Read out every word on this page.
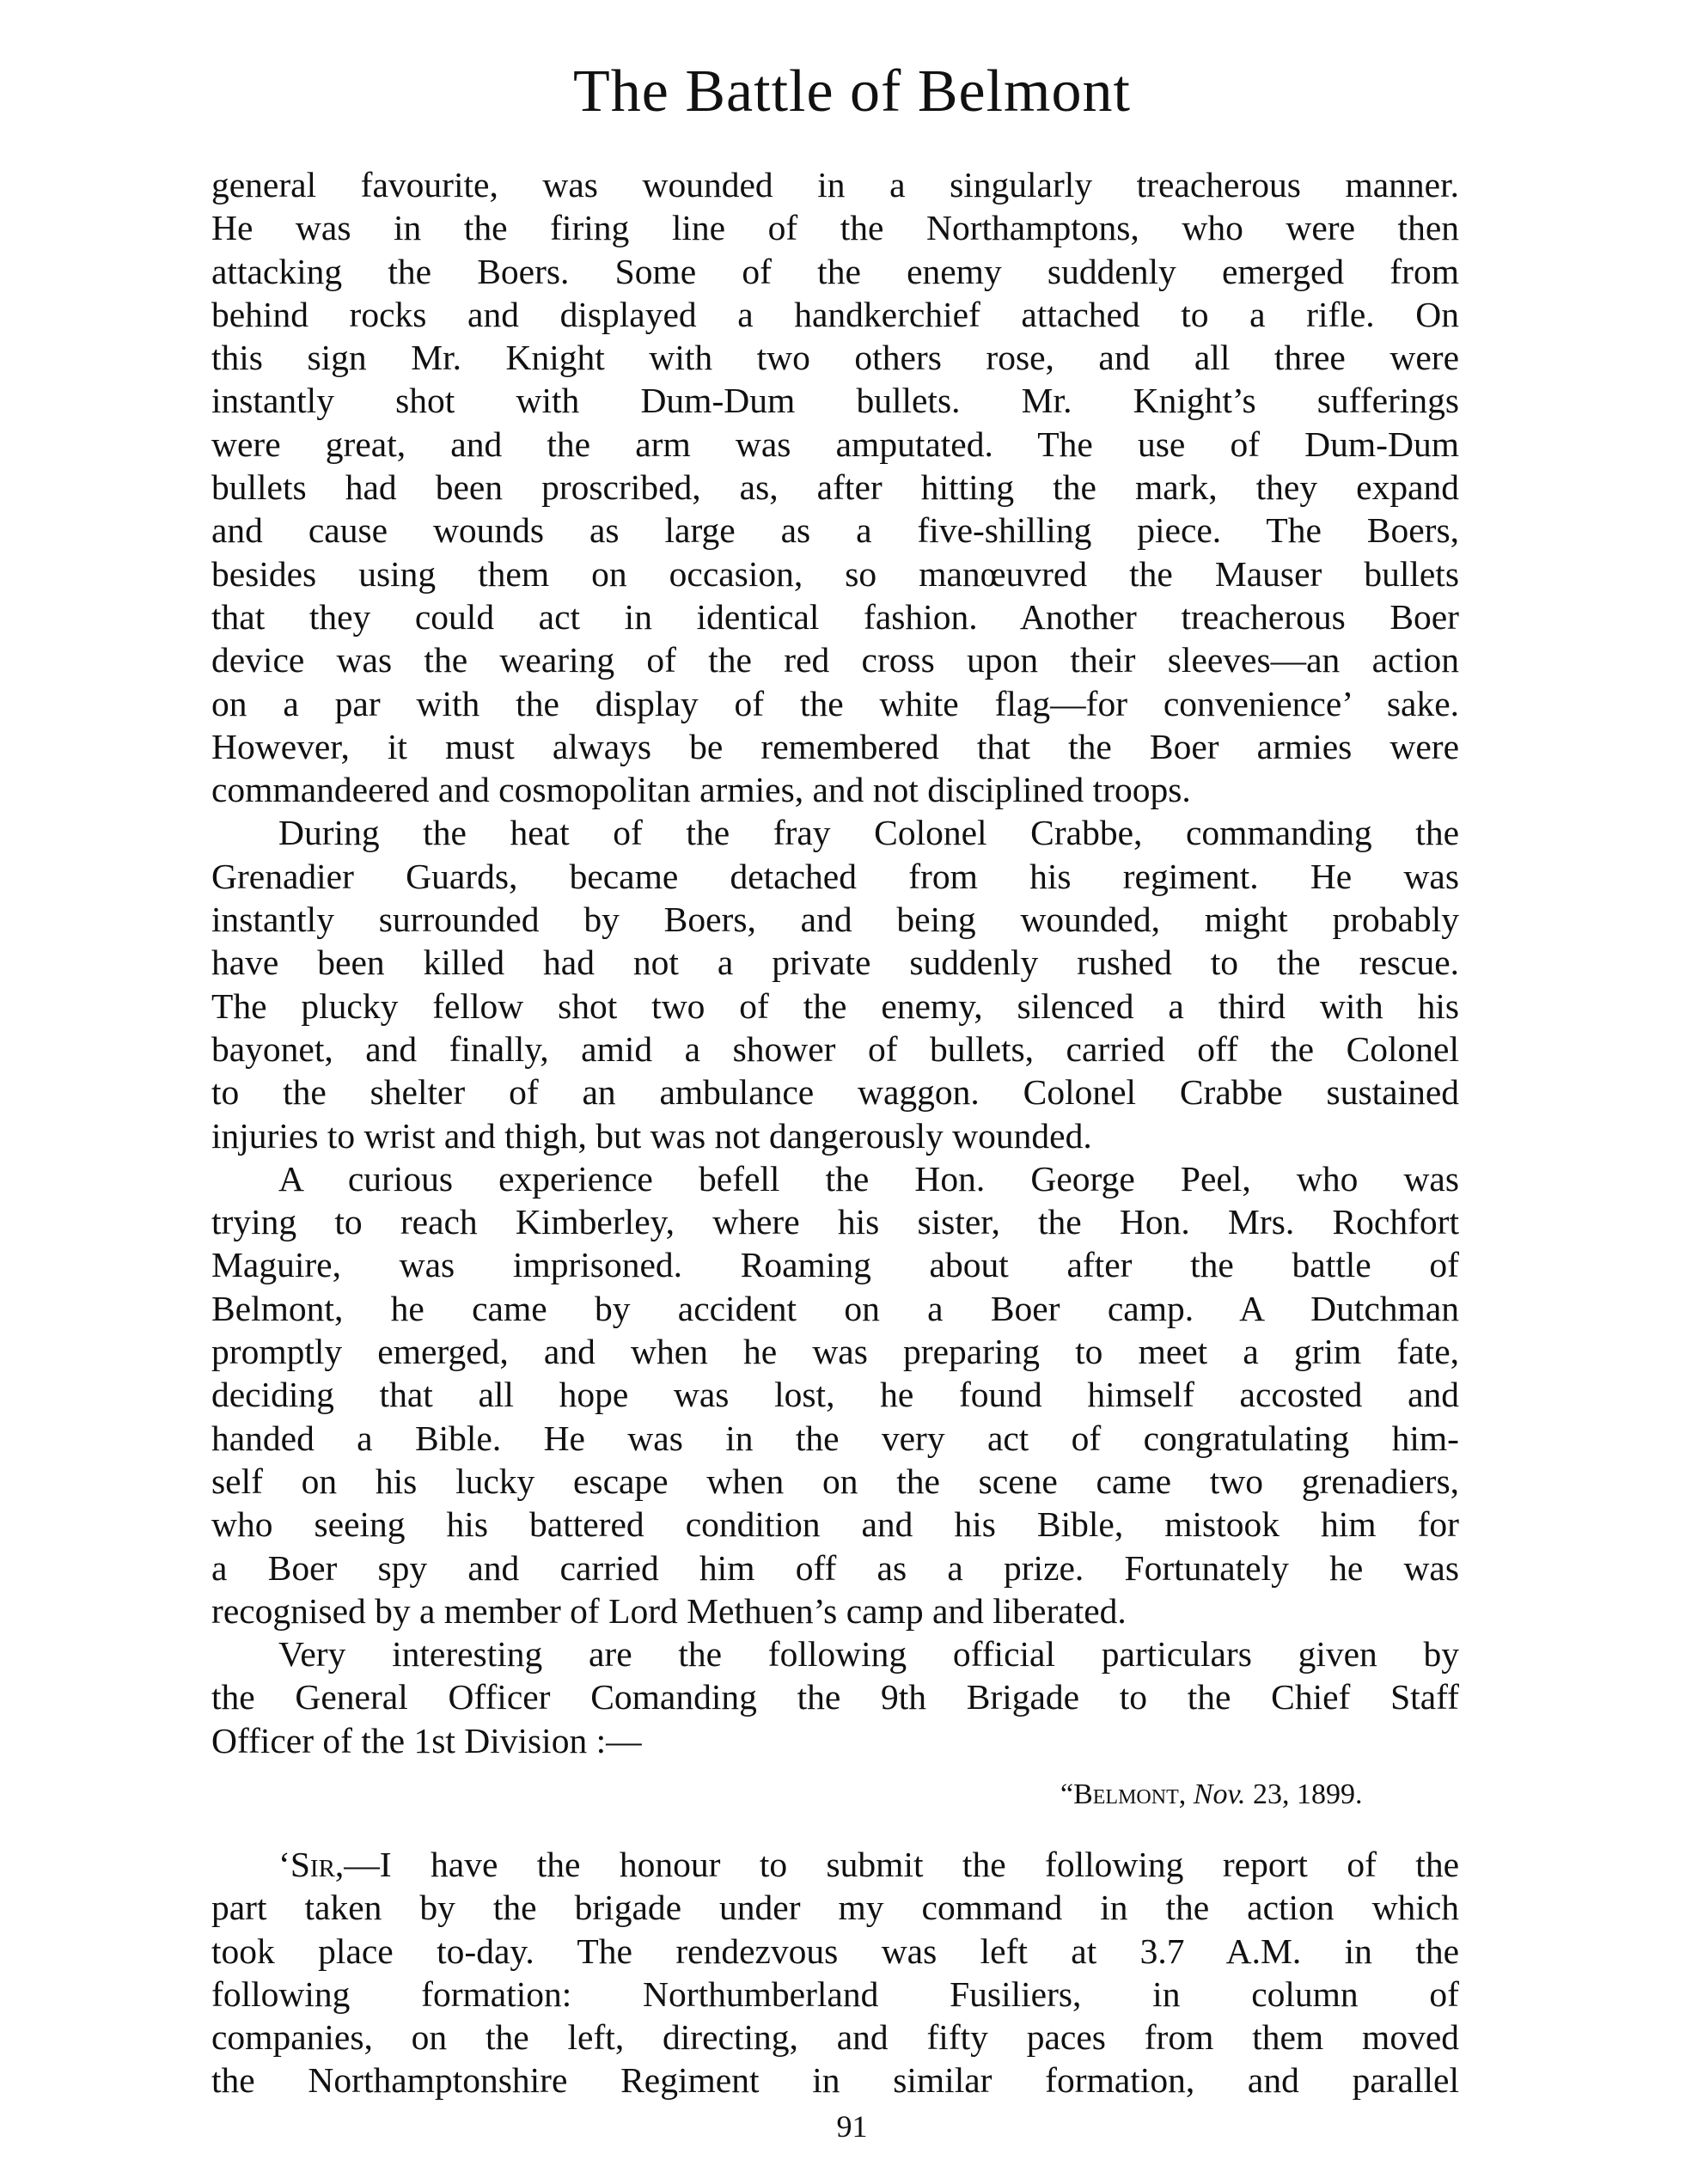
The Battle of Belmont

general favourite, was wounded in a singularly treacherous manner.
He was in the firing line of the Northamptons, who were then
attacking the Boers. Some of the enemy suddenly emerged from
behind rocks and displayed a handkerchief attached to a rifle. On
this sign Mr. Knight with two others rose, and all three were
instantly shot with Dum-Dum bullets. Mr. Knight’s sufferings
were great, and the arm was amputated. The use of Dum-Dum
bullets had been proscribed, as, after hitting the mark, they expand
and cause wounds as large as a five-shilling piece. The Boers,
besides using them on occasion, so manœuvred the Mauser bullets
that they could act in identical fashion. Another treacherous Boer
device was the wearing of the red cross upon their sleeves—an action
on a par with the display of the white flag—for convenience’ sake.
However, it must always be remembered that the Boer armies were
commandeered and cosmopolitan armies, and not disciplined troops.

During the heat of the fray Colonel Crabbe, commanding the
Grenadier Guards, became detached from his regiment. He was
instantly surrounded by Boers, and being wounded, might probably
have been killed had not a private suddenly rushed to the rescue.
The plucky fellow shot two of the enemy, silenced a third with his
bayonet, and finally, amid a shower of bullets, carried off the Colonel
to the shelter of an ambulance waggon. Colonel Crabbe sustained
injuries to wrist and thigh, but was not dangerously wounded.

A curious experience befell the Hon. George Peel, who was
trying to reach Kimberley, where his sister, the Hon. Mrs. Rochfort
Maguire, was imprisoned. Roaming about after the battle of
Belmont, he came by accident on a Boer camp. A Dutchman
promptly emerged, and when he was preparing to meet a grim fate,
deciding that all hope was lost, he found himself accosted and
handed a Bible. He was in the very act of congratulating him-
self on his lucky escape when on the scene came two grenadiers,
who seeing his battered condition and his Bible, mistook him for
a Boer spy and carried him off as a prize. Fortunately he was
recognised by a member of Lord Methuen’s camp and liberated.

Very interesting are the following official particulars given by
the General Officer Comanding the 9th Brigade to the Chief Staff
Officer of the 1st Division :—

“Belmont, Nov. 23, 1899.

‘Sir,—I have the honour to submit the following report of the
part taken by the brigade under my command in the action which
took place to-day. The rendezvous was left at 3.7 A.M. in the
following formation: Northumberland Fusiliers, in column of
companies, on the left, directing, and fifty paces from them moved
the Northamptonshire Regiment in similar formation, and parallel

91
